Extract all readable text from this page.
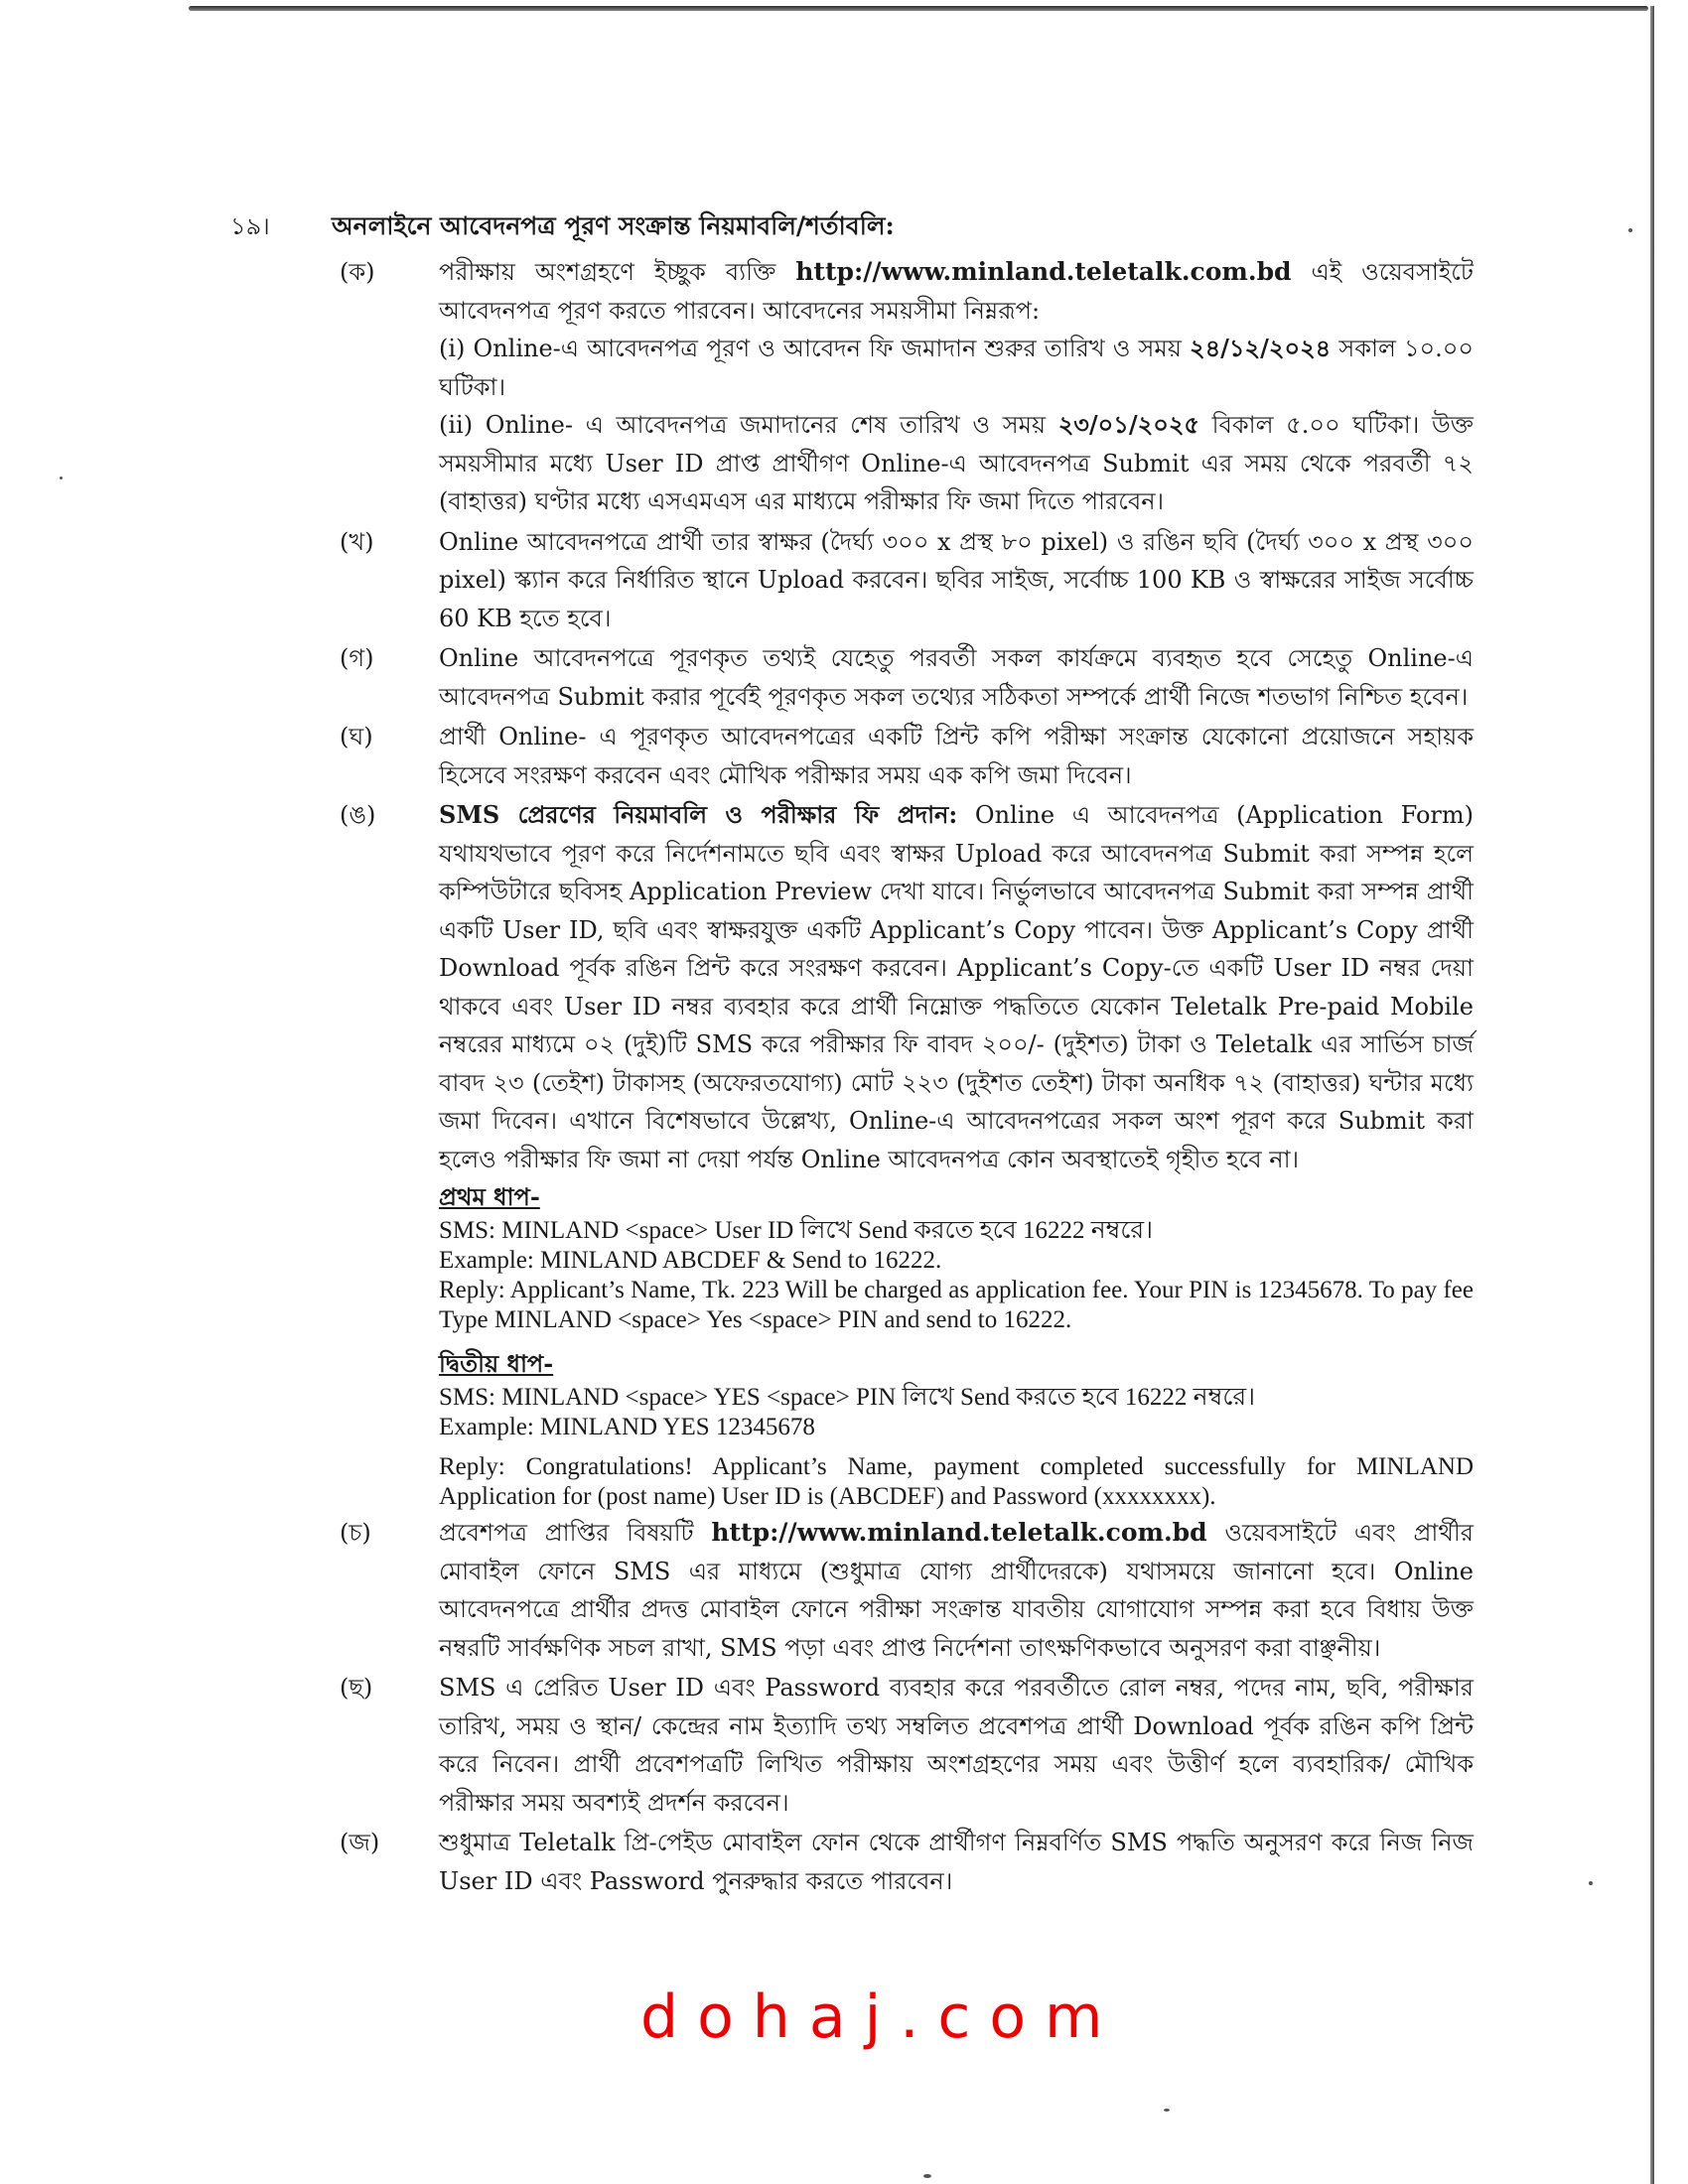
১৯।	অনলাইনে আবেদনপত্র পূরণ সংক্রান্ত নিয়মাবলি/শর্তাবলি:
(ক)	পরীক্ষায় অংশগ্রহণে ইচ্ছুক ব্যক্তি http://www.minland.teletalk.com.bd এই ওয়েবসাইটে আবেদনপত্র পূরণ করতে পারবেন। আবেদনের সময়সীমা নিম্নরূপ:

(i) Online-এ আবেদনপত্র পূরণ ও আবেদন ফি জমাদান শুরুর তারিখ ও সময় ২৪/১২/২০২৪ সকাল ১০.০০ ঘটিকা।

(ii) Online- এ আবেদনপত্র জমাদানের শেষ তারিখ ও সময় ২৩/০১/২০২৫ বিকাল ৫.০০ ঘটিকা। উক্ত সময়সীমার মধ্যে User ID প্রাপ্ত প্রার্থীগণ Online-এ আবেদনপত্র Submit এর সময় থেকে পরবর্তী ৭২ (বাহাত্তর) ঘণ্টার মধ্যে এসএমএস এর মাধ্যমে পরীক্ষার ফি জমা দিতে পারবেন।

(খ)	Online আবেদনপত্রে প্রার্থী তার স্বাক্ষর (দৈর্ঘ্য ৩০০ x প্রস্থ ৮০ pixel) ও রঙিন ছবি (দৈর্ঘ্য ৩০০ x প্রস্থ ৩০০ pixel) স্ক্যান করে নির্ধারিত স্থানে Upload করবেন। ছবির সাইজ, সর্বোচ্চ 100 KB ও স্বাক্ষরের সাইজ সর্বোচ্চ 60 KB হতে হবে।
(গ)	Online আবেদনপত্রে পূরণকৃত তথ্যই যেহেতু পরবর্তী সকল কার্যক্রমে ব্যবহৃত হবে সেহেতু Online-এ আবেদনপত্র Submit করার পূর্বেই পূরণকৃত সকল তথ্যের সঠিকতা সম্পর্কে প্রার্থী নিজে শতভাগ নিশ্চিত হবেন।
(ঘ)	প্রার্থী Online- এ পূরণকৃত আবেদনপত্রের একটি প্রিন্ট কপি পরীক্ষা সংক্রান্ত যেকোনো প্রয়োজনে সহায়ক হিসেবে সংরক্ষণ করবেন এবং মৌখিক পরীক্ষার সময় এক কপি জমা দিবেন।
(ঙ)	SMS প্রেরণের নিয়মাবলি ও পরীক্ষার ফি প্রদান: Online এ আবেদনপত্র (Application Form) যথাযথভাবে পূরণ করে নির্দেশনামতে ছবি এবং স্বাক্ষর Upload করে আবেদনপত্র Submit করা সম্পন্ন হলে কম্পিউটারে ছবিসহ Application Preview দেখা যাবে। নির্ভুলভাবে আবেদনপত্র Submit করা সম্পন্ন প্রার্থী একটি User ID, ছবি এবং স্বাক্ষরযুক্ত একটি Applicant’s Copy পাবেন। উক্ত Applicant’s Copy প্রার্থী Download পূর্বক রঙিন প্রিন্ট করে সংরক্ষণ করবেন। Applicant’s Copy-তে একটি User ID নম্বর দেয়া থাকবে এবং User ID নম্বর ব্যবহার করে প্রার্থী নিম্নোক্ত পদ্ধতিতে যেকোন Teletalk Pre-paid Mobile নম্বরের মাধ্যমে ০২ (দুই)টি SMS করে পরীক্ষার ফি বাবদ ২০০/- (দুইশত) টাকা ও Teletalk এর সার্ভিস চার্জ বাবদ ২৩ (তেইশ) টাকাসহ (অফেরতযোগ্য) মোট ২২৩ (দুইশত তেইশ) টাকা অনধিক ৭২ (বাহাত্তর) ঘন্টার মধ্যে জমা দিবেন। এখানে বিশেষভাবে উল্লেখ্য, Online-এ আবেদনপত্রের সকল অংশ পূরণ করে Submit করা হলেও পরীক্ষার ফি জমা না দেয়া পর্যন্ত Online আবেদনপত্র কোন অবস্থাতেই গৃহীত হবে না।

প্রথম ধাপ-

SMS: MINLAND <space> User ID লিখে Send করতে হবে 16222 নম্বরে।

Example: MINLAND ABCDEF & Send to 16222.

Reply: Applicant’s Name, Tk. 223 Will be charged as application fee. Your PIN is 12345678. To pay fee Type MINLAND <space> Yes <space> PIN and send to 16222.

দ্বিতীয় ধাপ-

SMS: MINLAND <space> YES <space> PIN লিখে Send করতে হবে 16222 নম্বরে।

Example: MINLAND YES 12345678

Reply: Congratulations! Applicant’s Name, payment completed successfully for MINLAND Application for (post name) User ID is (ABCDEF) and Password (xxxxxxxx).

(চ)	প্রবেশপত্র প্রাপ্তির বিষয়টি http://www.minland.teletalk.com.bd ওয়েবসাইটে এবং প্রার্থীর মোবাইল ফোনে SMS এর মাধ্যমে (শুধুমাত্র যোগ্য প্রার্থীদেরকে) যথাসময়ে জানানো হবে। Online আবেদনপত্রে প্রার্থীর প্রদত্ত মোবাইল ফোনে পরীক্ষা সংক্রান্ত যাবতীয় যোগাযোগ সম্পন্ন করা হবে বিধায় উক্ত নম্বরটি সার্বক্ষণিক সচল রাখা, SMS পড়া এবং প্রাপ্ত নির্দেশনা তাৎক্ষণিকভাবে অনুসরণ করা বাঞ্ছনীয়।
(ছ)	SMS এ প্রেরিত User ID এবং Password ব্যবহার করে পরবর্তীতে রোল নম্বর, পদের নাম, ছবি, পরীক্ষার তারিখ, সময় ও স্থান/ কেন্দ্রের নাম ইত্যাদি তথ্য সম্বলিত প্রবেশপত্র প্রার্থী Download পূর্বক রঙিন কপি প্রিন্ট করে নিবেন। প্রার্থী প্রবেশপত্রটি লিখিত পরীক্ষায় অংশগ্রহণের সময় এবং উত্তীর্ণ হলে ব্যবহারিক/ মৌখিক পরীক্ষার সময় অবশ্যই প্রদর্শন করবেন।
(জ)	শুধুমাত্র Teletalk প্রি-পেইড মোবাইল ফোন থেকে প্রার্থীগণ নিম্নবর্ণিত SMS পদ্ধতি অনুসরণ করে নিজ নিজ User ID এবং Password পুনরুদ্ধার করতে পারবেন।
dohaj.com
